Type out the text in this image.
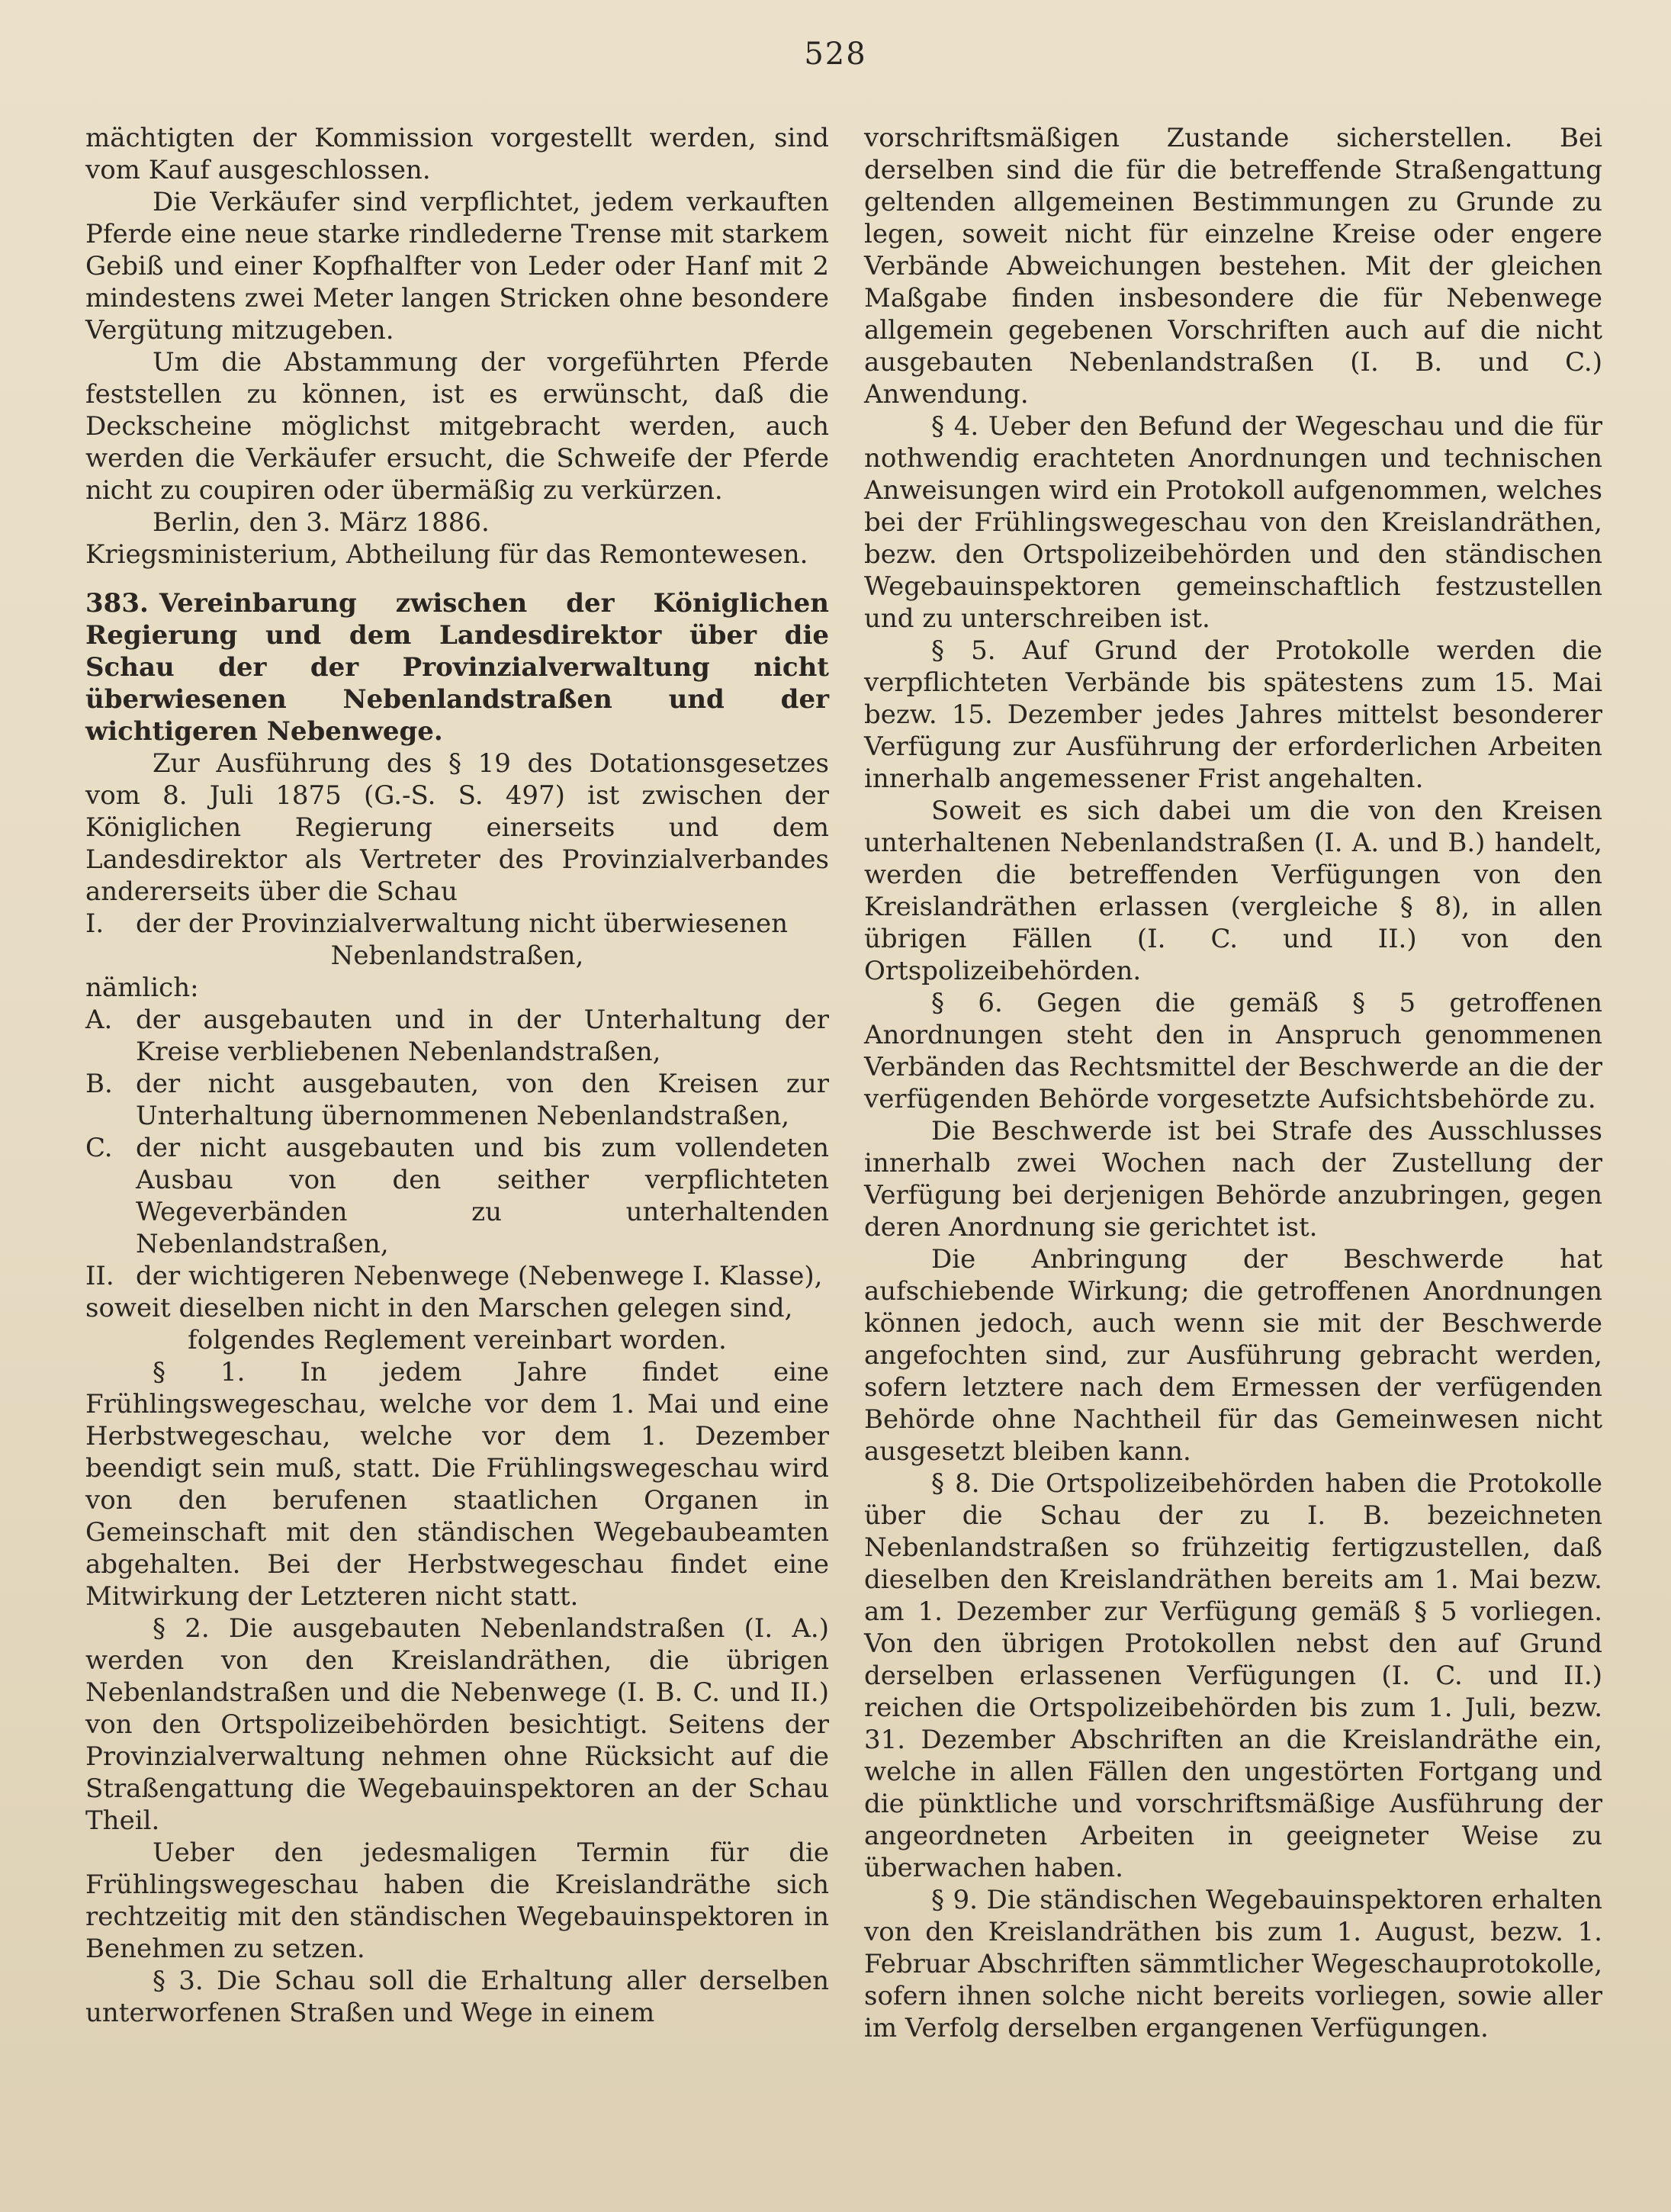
528

mächtigten der Kommission vorgestellt werden, sind vom Kauf ausgeschlossen.

Die Verkäufer sind verpflichtet, jedem verkauften Pferde eine neue starke rindlederne Trense mit starkem Gebiß und einer Kopfhalfter von Leder oder Hanf mit 2 mindestens zwei Meter langen Stricken ohne besondere Vergütung mitzugeben.

Um die Abstammung der vorgeführten Pferde feststellen zu können, ist es erwünscht, daß die Deckscheine möglichst mitgebracht werden, auch werden die Verkäufer ersucht, die Schweife der Pferde nicht zu coupiren oder übermäßig zu verkürzen.

Berlin, den 3. März 1886.

Kriegsministerium, Abtheilung für das Remontewesen.

383. Vereinbarung zwischen der Königlichen Regierung und dem Landesdirektor über die Schau der der Provinzialverwaltung nicht überwiesenen Nebenlandstraßen und der wichtigeren Nebenwege.

Zur Ausführung des § 19 des Dotationsgesetzes vom 8. Juli 1875 (G.-S. S. 497) ist zwischen der Königlichen Regierung einerseits und dem Landesdirektor als Vertreter des Provinzialverbandes andererseits über die Schau

I. der der Provinzialverwaltung nicht überwiesenen

Nebenlandstraßen,

nämlich:

A. der ausgebauten und in der Unterhaltung der Kreise verbliebenen Nebenlandstraßen,

B. der nicht ausgebauten, von den Kreisen zur Unterhaltung übernommenen Nebenlandstraßen,

C. der nicht ausgebauten und bis zum vollendeten Ausbau von den seither verpflichteten Wegeverbänden zu unterhaltenden Nebenlandstraßen,

II. der wichtigeren Nebenwege (Nebenwege I. Klasse),

soweit dieselben nicht in den Marschen gelegen sind,

folgendes Reglement vereinbart worden.

§ 1. In jedem Jahre findet eine Frühlingswegeschau, welche vor dem 1. Mai und eine Herbstwegeschau, welche vor dem 1. Dezember beendigt sein muß, statt. Die Frühlingswegeschau wird von den berufenen staatlichen Organen in Gemeinschaft mit den ständischen Wegebaubeamten abgehalten. Bei der Herbstwegeschau findet eine Mitwirkung der Letzteren nicht statt.

§ 2. Die ausgebauten Nebenlandstraßen (I. A.) werden von den Kreislandräthen, die übrigen Nebenlandstraßen und die Nebenwege (I. B. C. und II.) von den Ortspolizeibehörden besichtigt. Seitens der Provinzialverwaltung nehmen ohne Rücksicht auf die Straßengattung die Wegebauinspektoren an der Schau Theil.

Ueber den jedesmaligen Termin für die Frühlingswegeschau haben die Kreislandräthe sich rechtzeitig mit den ständischen Wegebauinspektoren in Benehmen zu setzen.

§ 3. Die Schau soll die Erhaltung aller derselben unterworfenen Straßen und Wege in einem

vorschriftsmäßigen Zustande sicherstellen. Bei derselben sind die für die betreffende Straßengattung geltenden allgemeinen Bestimmungen zu Grunde zu legen, soweit nicht für einzelne Kreise oder engere Verbände Abweichungen bestehen. Mit der gleichen Maßgabe finden insbesondere die für Nebenwege allgemein gegebenen Vorschriften auch auf die nicht ausgebauten Nebenlandstraßen (I. B. und C.) Anwendung.

§ 4. Ueber den Befund der Wegeschau und die für nothwendig erachteten Anordnungen und technischen Anweisungen wird ein Protokoll aufgenommen, welches bei der Frühlingswegeschau von den Kreislandräthen, bezw. den Ortspolizeibehörden und den ständischen Wegebauinspektoren gemeinschaftlich festzustellen und zu unterschreiben ist.

§ 5. Auf Grund der Protokolle werden die verpflichteten Verbände bis spätestens zum 15. Mai bezw. 15. Dezember jedes Jahres mittelst besonderer Verfügung zur Ausführung der erforderlichen Arbeiten innerhalb angemessener Frist angehalten.

Soweit es sich dabei um die von den Kreisen unterhaltenen Nebenlandstraßen (I. A. und B.) handelt, werden die betreffenden Verfügungen von den Kreislandräthen erlassen (vergleiche § 8), in allen übrigen Fällen (I. C. und II.) von den Ortspolizeibehörden.

§ 6. Gegen die gemäß § 5 getroffenen Anordnungen steht den in Anspruch genommenen Verbänden das Rechtsmittel der Beschwerde an die der verfügenden Behörde vorgesetzte Aufsichtsbehörde zu.

Die Beschwerde ist bei Strafe des Ausschlusses innerhalb zwei Wochen nach der Zustellung der Verfügung bei derjenigen Behörde anzubringen, gegen deren Anordnung sie gerichtet ist.

Die Anbringung der Beschwerde hat aufschiebende Wirkung; die getroffenen Anordnungen können jedoch, auch wenn sie mit der Beschwerde angefochten sind, zur Ausführung gebracht werden, sofern letztere nach dem Ermessen der verfügenden Behörde ohne Nachtheil für das Gemeinwesen nicht ausgesetzt bleiben kann.

§ 8. Die Ortspolizeibehörden haben die Protokolle über die Schau der zu I. B. bezeichneten Nebenlandstraßen so frühzeitig fertigzustellen, daß dieselben den Kreislandräthen bereits am 1. Mai bezw. am 1. Dezember zur Verfügung gemäß § 5 vorliegen. Von den übrigen Protokollen nebst den auf Grund derselben erlassenen Verfügungen (I. C. und II.) reichen die Ortspolizeibehörden bis zum 1. Juli, bezw. 31. Dezember Abschriften an die Kreislandräthe ein, welche in allen Fällen den ungestörten Fortgang und die pünktliche und vorschriftsmäßige Ausführung der angeordneten Arbeiten in geeigneter Weise zu überwachen haben.

§ 9. Die ständischen Wegebauinspektoren erhalten von den Kreislandräthen bis zum 1. August, bezw. 1. Februar Abschriften sämmtlicher Wegeschauprotokolle, sofern ihnen solche nicht bereits vorliegen, sowie aller im Verfolg derselben ergangenen Verfügungen.
